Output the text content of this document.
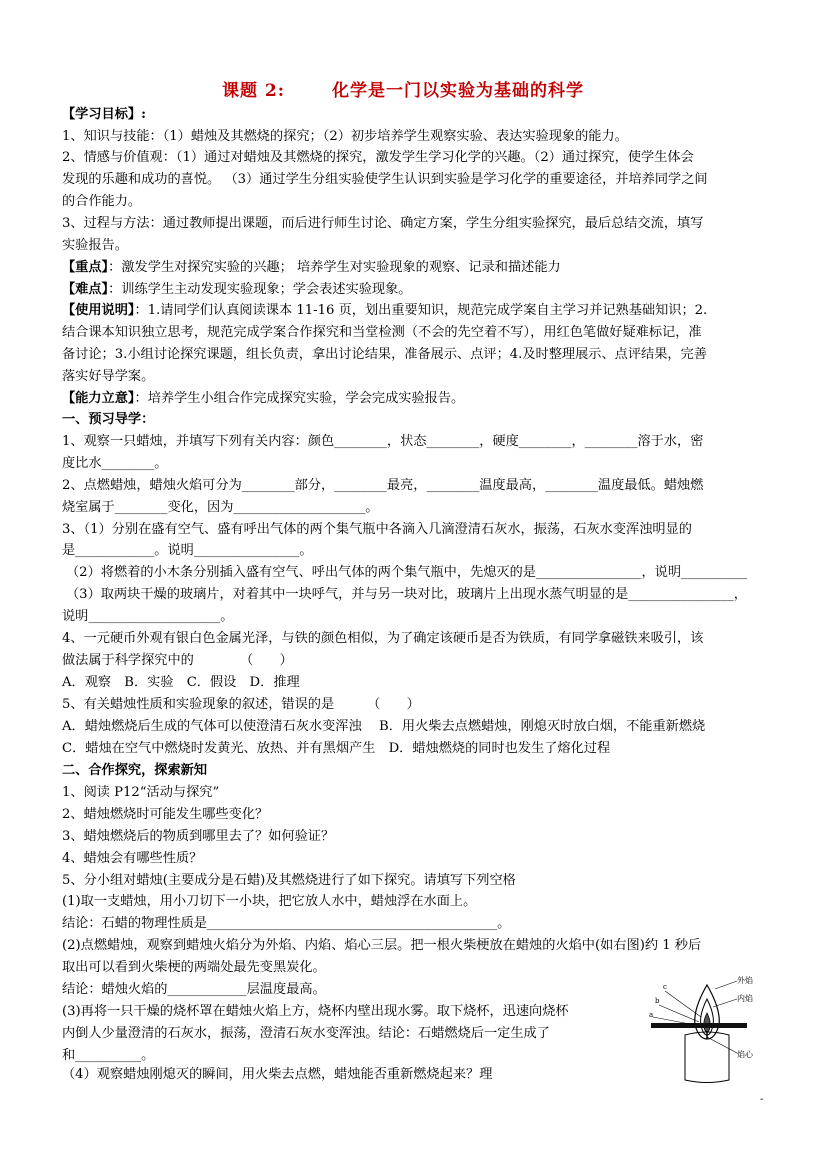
课题 2:	化学是一门以实验为基础的科学
【学习目标】:
1、知识与技能：（1）蜡烛及其燃烧的探究；（2）初步培养学生观察实验、表达实验现象的能力。
2、情感与价值观：（1）通过对蜡烛及其燃烧的探究，激发学生学习化学的兴趣。（2）通过探究，使学生体会
发现的乐趣和成功的喜悦。 （3）通过学生分组实验使学生认识到实验是学习化学的重要途径，并培养同学之间
的合作能力。
3、过程与方法：通过教师提出课题，而后进行师生讨论、确定方案，学生分组实验探究，最后总结交流，填写
实验报告。
【重点】：激发学生对探究实验的兴趣； 培养学生对实验现象的观察、记录和描述能力
【难点】：训练学生主动发现实验现象；学会表述实验现象。
【使用说明】：1.请同学们认真阅读课本 11-16 页，划出重要知识，规范完成学案自主学习并记熟基础知识；2.
结合课本知识独立思考，规范完成学案合作探究和当堂检测（不会的先空着不写），用红色笔做好疑难标记，准
备讨论；3.小组讨论探究课题，组长负责，拿出讨论结果，准备展示、点评；4.及时整理展示、点评结果，完善
落实好导学案。
【能力立意】：培养学生小组合作完成探究实验，学会完成实验报告。
一、预习导学：
1、观察一只蜡烛，并填写下列有关内容：颜色________，状态________，硬度________，________溶于水，密
度比水________。
2、点燃蜡烛，蜡烛火焰可分为________部分，________最亮，________温度最高，________温度最低。蜡烛燃
烧室属于________变化，因为____________________。
3、（1）分别在盛有空气、盛有呼出气体的两个集气瓶中各滴入几滴澄清石灰水，振荡，石灰水变浑浊明显的
是____________。说明________________。
（2）将燃着的小木条分别插入盛有空气、呼出气体的两个集气瓶中，先熄灭的是________________，说明__________
（3）取两块干燥的玻璃片，对着其中一块呼气，并与另一块对比，玻璃片上出现水蒸气明显的是________________，
说明____________________。
4、一元硬币外观有银白色金属光泽，与铁的颜色相似，为了确定该硬币是否为铁质，有同学拿磁铁来吸引，该
做法属于科学探究中的　　　　（　　）
A．观察　B．实验　C．假设　D．推理
5、有关蜡烛性质和实验现象的叙述，错误的是　　　（　　）
A．蜡烛燃烧后生成的气体可以使澄清石灰水变浑浊　 B．用火柴去点燃蜡烛，刚熄灭时放白烟，不能重新燃烧
C．蜡烛在空气中燃烧时发黄光、放热、并有黑烟产生　D．蜡烛燃烧的同时也发生了熔化过程
二、合作探究，探索新知
1、阅读 P12“活动与探究”
2、蜡烛燃烧时可能发生哪些变化？
3、蜡烛燃烧后的物质到哪里去了？如何验证？
4、蜡烛会有哪些性质？
5、分小组对蜡烛(主要成分是石蜡)及其燃烧进行了如下探究。请填写下列空格
(1)取一支蜡烛，用小刀切下一小块，把它放人水中，蜡烛浮在水面上。
结论：石蜡的物理性质是____________________________________________。
(2)点燃蜡烛，观察到蜡烛火焰分为外焰、内焰、焰心三层。把一根火柴梗放在蜡烛的火焰中(如右图)约 1 秒后
取出可以看到火柴梗的两端处最先变黑炭化。
结论：蜡烛火焰的____________层温度最高。
(3)再将一只干燥的烧杯罩在蜡烛火焰上方，烧杯内壁出现水雾。取下烧杯，迅速向烧杯
内倒人少量澄清的石灰水，振荡，澄清石灰水变浑浊。结论：石蜡燃烧后一定生成了
和__________。
（4）观察蜡烛刚熄灭的瞬间，用火柴去点燃，蜡烛能否重新燃烧起来？理
c
b
a
外焰
内焰
焰心
-
